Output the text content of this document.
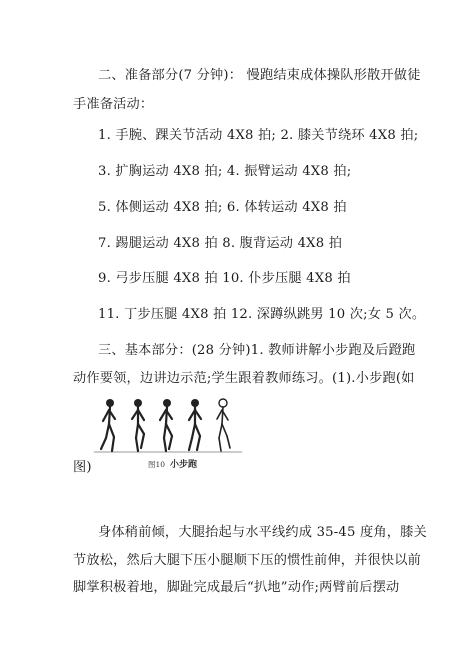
二、准备部分(7 分钟)： 慢跑结束成体操队形散开做徒
手准备活动：
1. 手腕、踝关节活动 4X8 拍; 2. 膝关节绕环 4X8 拍;
3. 扩胸运动 4X8 拍; 4. 振臂运动 4X8 拍;
5. 体侧运动 4X8 拍; 6. 体转运动 4X8 拍
7. 踢腿运动 4X8 拍 8. 腹背运动 4X8 拍
9. 弓步压腿 4X8 拍 10. 仆步压腿 4X8 拍
11. 丁步压腿 4X8 拍 12. 深蹲纵跳男 10 次;女 5 次。
三、基本部分：(28 分钟)1. 教师讲解小步跑及后蹬跑
动作要领，边讲边示范;学生跟着教师练习。(1).小步跑(如
图10 小步跑
图)
身体稍前倾，大腿抬起与水平线约成 35-45 度角，膝关
节放松，然后大腿下压小腿顺下压的惯性前伸，并很快以前
脚掌积极着地，脚趾完成最后“扒地”动作;两臂前后摆动
